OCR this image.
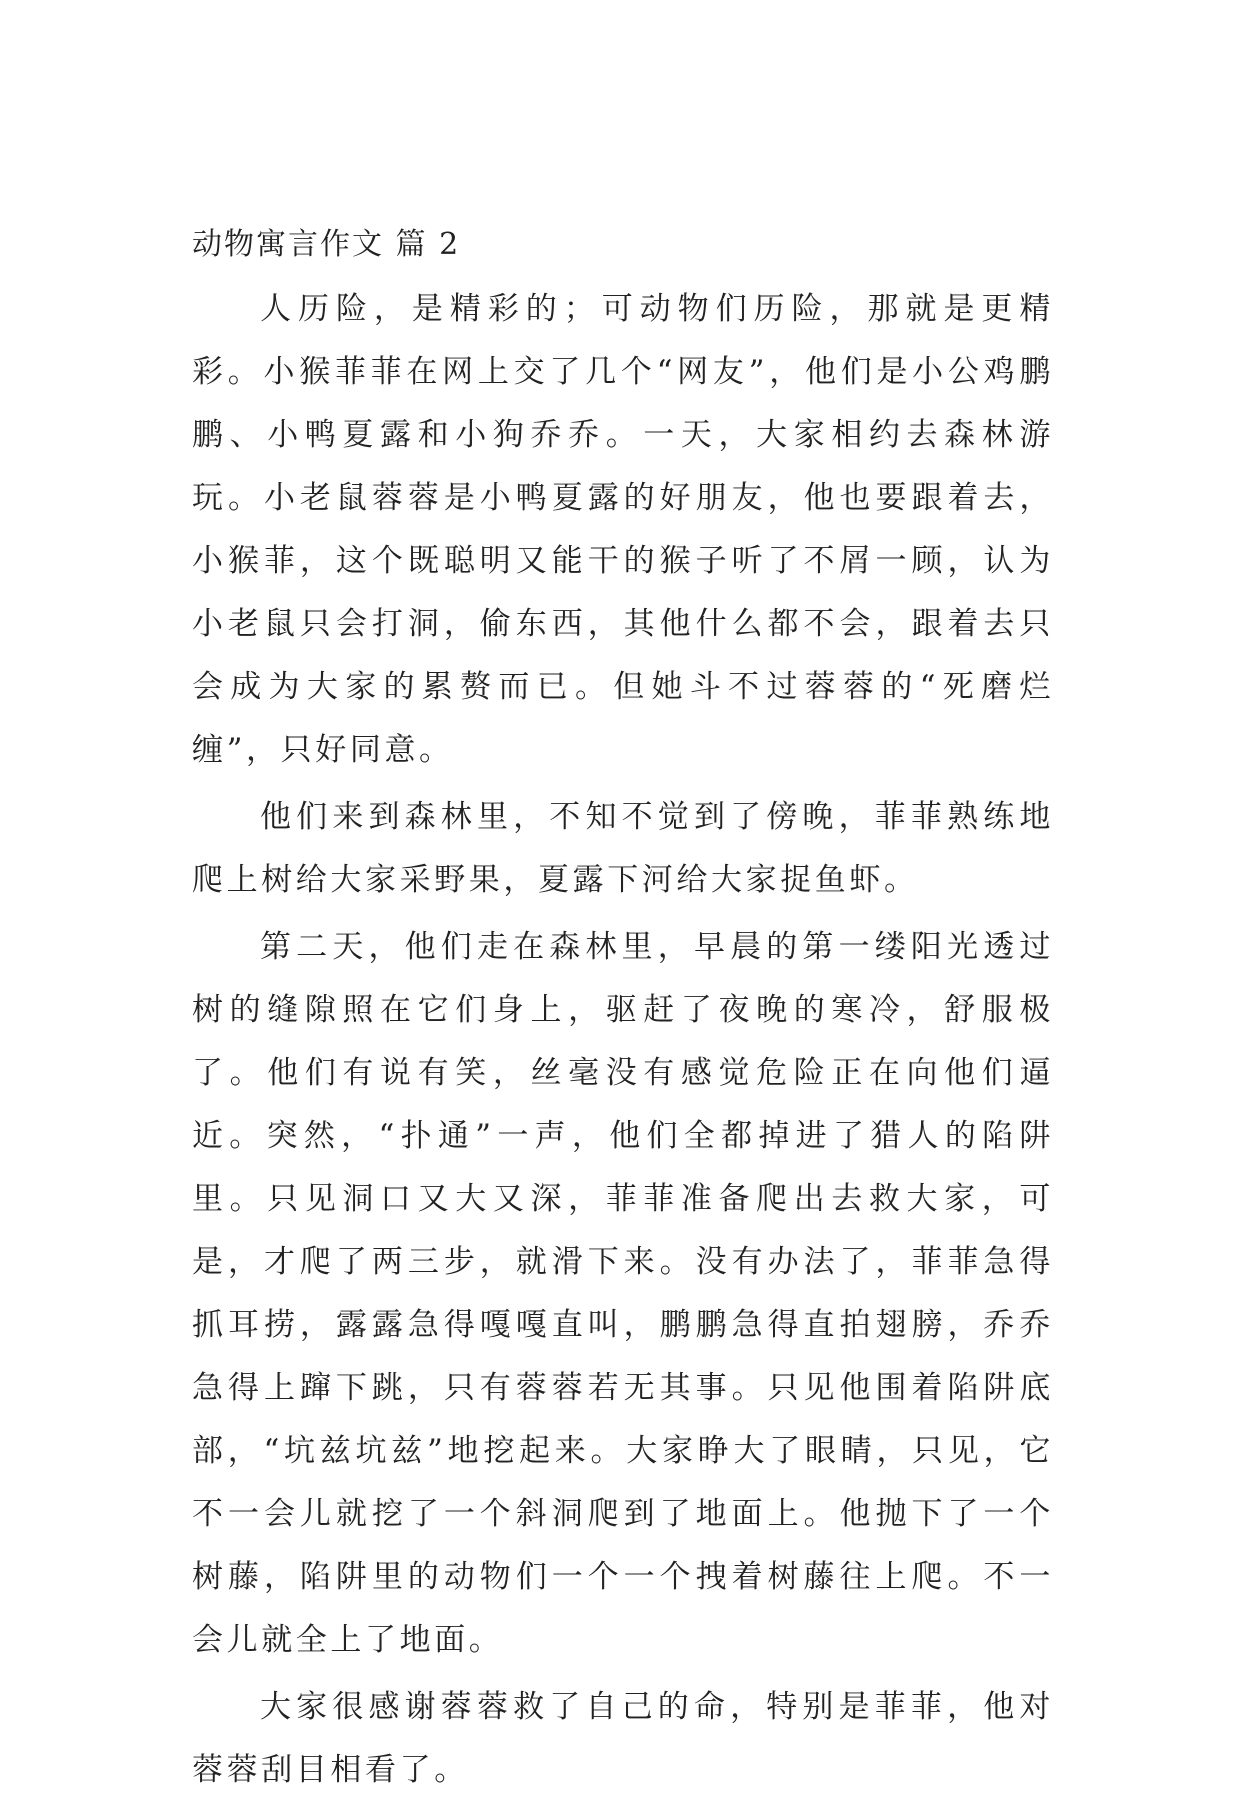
动物寓言作文 篇 2

人历险，是精彩的；可动物们历险，那就是更精彩。小猴菲菲在网上交了几个“网友”，他们是小公鸡鹏鹏、小鸭夏露和小狗乔乔。一天，大家相约去森林游玩。小老鼠蓉蓉是小鸭夏露的好朋友，他也要跟着去，小猴菲，这个既聪明又能干的猴子听了不屑一顾，认为小老鼠只会打洞，偷东西，其他什么都不会，跟着去只会成为大家的累赘而已。但她斗不过蓉蓉的“死磨烂缠”，只好同意。

他们来到森林里，不知不觉到了傍晚，菲菲熟练地爬上树给大家采野果，夏露下河给大家捉鱼虾。

第二天，他们走在森林里，早晨的第一缕阳光透过树的缝隙照在它们身上，驱赶了夜晚的寒冷，舒服极了。他们有说有笑，丝毫没有感觉危险正在向他们逼近。突然，“扑通”一声，他们全都掉进了猎人的陷阱里。只见洞口又大又深，菲菲准备爬出去救大家，可是，才爬了两三步，就滑下来。没有办法了，菲菲急得抓耳捞，露露急得嘎嘎直叫，鹏鹏急得直拍翅膀，乔乔急得上蹿下跳，只有蓉蓉若无其事。只见他围着陷阱底部，“坑兹坑兹”地挖起来。大家睁大了眼睛，只见，它不一会儿就挖了一个斜洞爬到了地面上。他抛下了一个树藤，陷阱里的动物们一个一个拽着树藤往上爬。不一会儿就全上了地面。

大家很感谢蓉蓉救了自己的命，特别是菲菲，他对蓉蓉刮目相看了。
